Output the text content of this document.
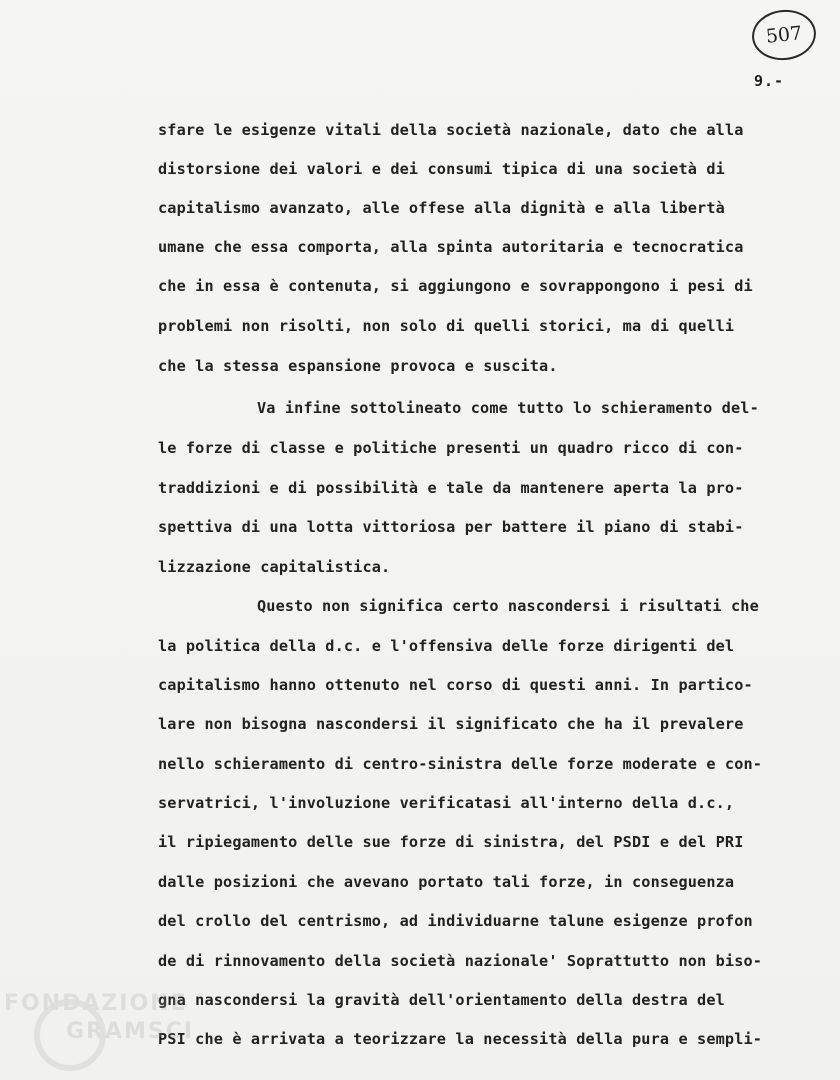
507
9.-
sfare le esigenze vitali della società nazionale, dato che alla
distorsione dei valori e dei consumi tipica di una società di
capitalismo avanzato, alle offese alla dignità e alla libertà
umane che essa comporta, alla spinta autoritaria e tecnocratica
che in essa è contenuta, si aggiungono e sovrappongono i pesi di
problemi non risolti, non solo di quelli storici, ma di quelli
che la stessa espansione provoca e suscita.
Va infine sottolineato come tutto lo schieramento del-
le forze di classe e politiche presenti un quadro ricco di con-
traddizioni e di possibilità e tale da mantenere aperta la pro-
spettiva di una lotta vittoriosa per battere il piano di stabi-
lizzazione capitalistica.
Questo non significa certo nascondersi i risultati che
la politica della d.c. e l'offensiva delle forze dirigenti del
capitalismo hanno ottenuto nel corso di questi anni. In partico-
lare non bisogna nascondersi il significato che ha il prevalere
nello schieramento di centro-sinistra delle forze moderate e con-
servatrici, l'involuzione verificatasi all'interno della d.c.,
il ripiegamento delle sue forze di sinistra, del PSDI e del PRI
dalle posizioni che avevano portato tali forze, in conseguenza
del crollo del centrismo, ad individuarne talune esigenze profon
de di rinnovamento della società nazionale' Soprattutto non biso-
gna nascondersi la gravità dell'orientamento della destra del
PSI che è arrivata a teorizzare la necessità della pura e sempli-
FONDAZIONE
GRAMSCI
